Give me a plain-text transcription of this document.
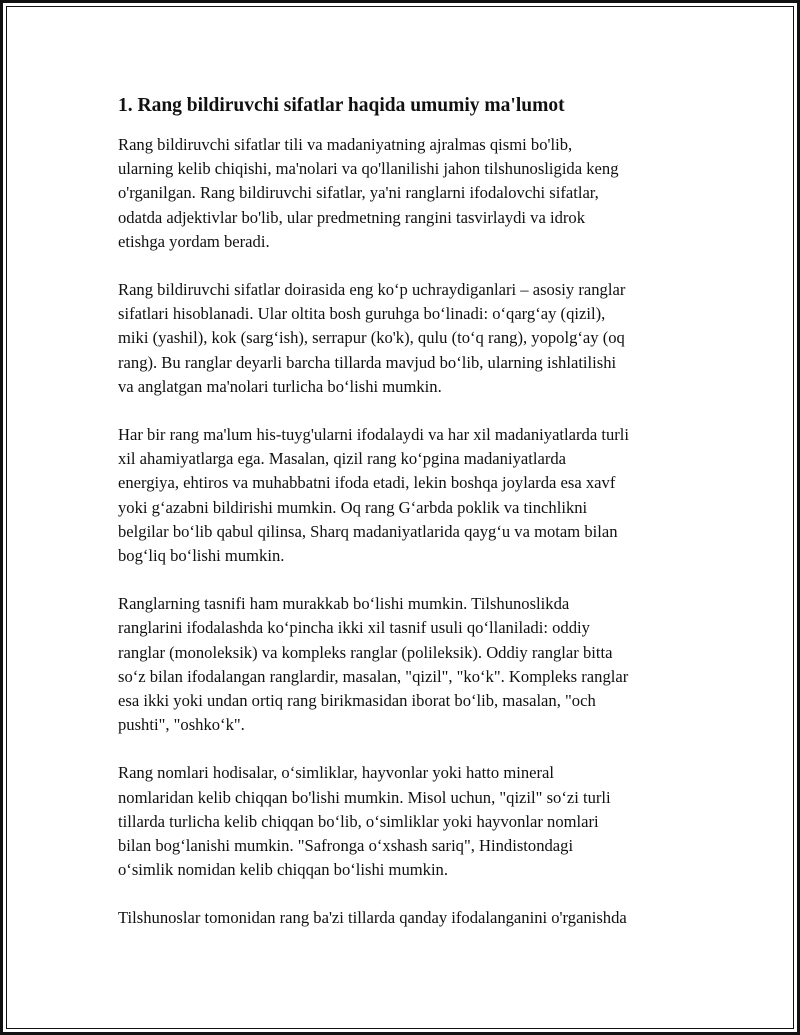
1. Rang bildiruvchi sifatlar haqida umumiy ma'lumot

Rang bildiruvchi sifatlar tili va madaniyatning ajralmas qismi bo'lib,
ularning kelib chiqishi, ma'nolari va qo'llanilishi jahon tilshunosligida keng
o'rganilgan. Rang bildiruvchi sifatlar, ya'ni ranglarni ifodalovchi sifatlar,
odatda adjektivlar bo'lib, ular predmetning rangini tasvirlaydi va idrok
etishga yordam beradi.

Rang bildiruvchi sifatlar doirasida eng ko‘p uchraydiganlari – asosiy ranglar
sifatlari hisoblanadi. Ular oltita bosh guruhga bo‘linadi: o‘qarg‘ay (qizil),
miki (yashil), kok (sarg‘ish), serrapur (ko'k), qulu (to‘q rang), yopolg‘ay (oq
rang). Bu ranglar deyarli barcha tillarda mavjud bo‘lib, ularning ishlatilishi
va anglatgan ma'nolari turlicha bo‘lishi mumkin.

Har bir rang ma'lum his-tuyg'ularni ifodalaydi va har xil madaniyatlarda turli
xil ahamiyatlarga ega. Masalan, qizil rang ko‘pgina madaniyatlarda
energiya, ehtiros va muhabbatni ifoda etadi, lekin boshqa joylarda esa xavf
yoki g‘azabni bildirishi mumkin. Oq rang G‘arbda poklik va tinchlikni
belgilar bo‘lib qabul qilinsa, Sharq madaniyatlarida qayg‘u va motam bilan
bog‘liq bo‘lishi mumkin.

Ranglarning tasnifi ham murakkab bo‘lishi mumkin. Tilshunoslikda
ranglarini ifodalashda ko‘pincha ikki xil tasnif usuli qo‘llaniladi: oddiy
ranglar (monoleksik) va kompleks ranglar (polileksik). Oddiy ranglar bitta
so‘z bilan ifodalangan ranglardir, masalan, "qizil", "ko‘k". Kompleks ranglar
esa ikki yoki undan ortiq rang birikmasidan iborat bo‘lib, masalan, "och
pushti", "oshko‘k".

Rang nomlari hodisalar, o‘simliklar, hayvonlar yoki hatto mineral
nomlaridan kelib chiqqan bo'lishi mumkin. Misol uchun, "qizil" so‘zi turli
tillarda turlicha kelib chiqqan bo‘lib, o‘simliklar yoki hayvonlar nomlari
bilan bog‘lanishi mumkin. "Safronga o‘xshash sariq", Hindistondagi
o‘simlik nomidan kelib chiqqan bo‘lishi mumkin.

Tilshunoslar tomonidan rang ba'zi tillarda qanday ifodalanganini o'rganishda
